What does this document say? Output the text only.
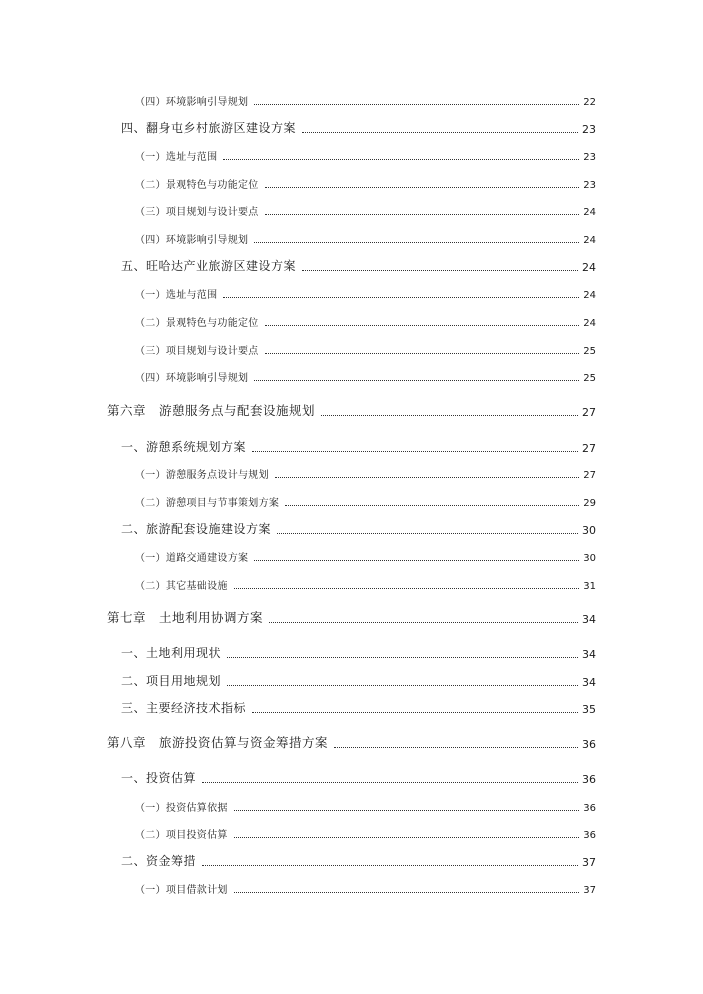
（四）环境影响引导规划	22
四、翻身屯乡村旅游区建设方案	23
（一）选址与范围	23
（二）景观特色与功能定位	23
（三）项目规划与设计要点	24
（四）环境影响引导规划	24
五、旺哈达产业旅游区建设方案	24
（一）选址与范围	24
（二）景观特色与功能定位	24
（三）项目规划与设计要点	25
（四）环境影响引导规划	25
第六章　游憩服务点与配套设施规划	27
一、游憩系统规划方案	27
（一）游憩服务点设计与规划	27
（二）游憩项目与节事策划方案	29
二、旅游配套设施建设方案	30
（一）道路交通建设方案	30
（二）其它基础设施	31
第七章　土地利用协调方案	34
一、土地利用现状	34
二、项目用地规划	34
三、主要经济技术指标	35
第八章　旅游投资估算与资金筹措方案	36
一、投资估算	36
（一）投资估算依据	36
（二）项目投资估算	36
二、资金筹措	37
（一）项目借款计划	37
